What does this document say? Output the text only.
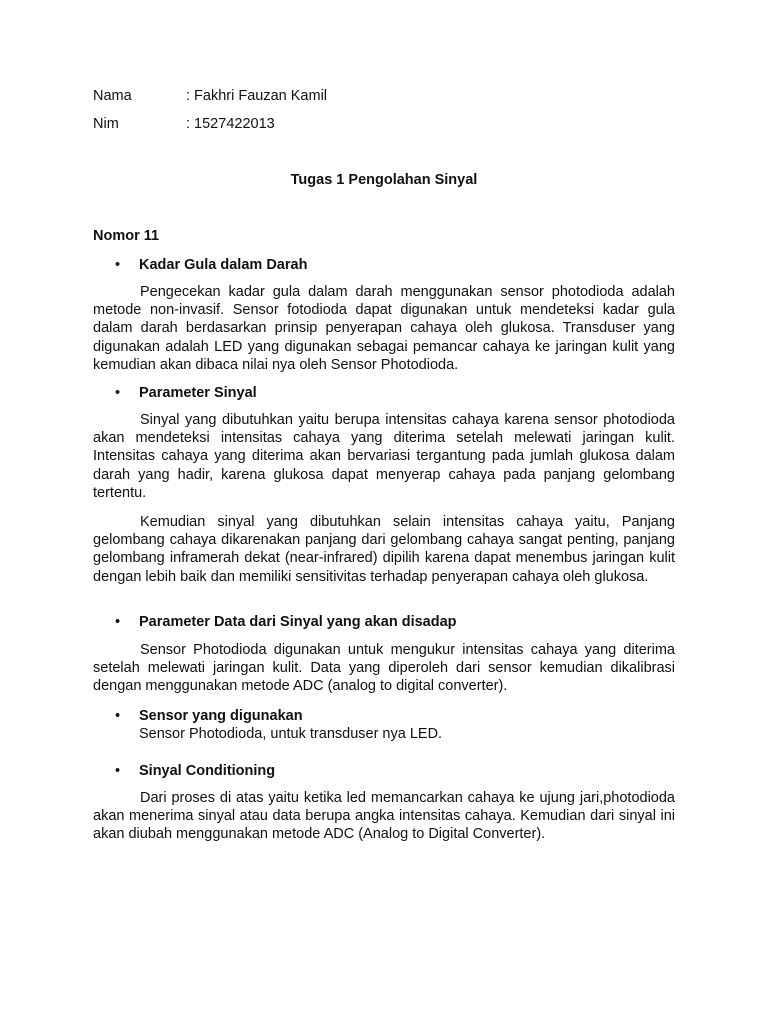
Nama	: Fakhri Fauzan Kamil
Nim	: 1527422013
Tugas 1 Pengolahan Sinyal
Nomor 11
• Kadar Gula dalam Darah

Pengecekan kadar gula dalam darah menggunakan sensor photodioda adalah metode non-invasif. Sensor fotodioda dapat digunakan untuk mendeteksi kadar gula dalam darah berdasarkan prinsip penyerapan cahaya oleh glukosa. Transduser yang digunakan adalah LED yang digunakan sebagai pemancar cahaya ke jaringan kulit yang kemudian akan dibaca nilai nya oleh Sensor Photodioda.

• Parameter Sinyal

Sinyal yang dibutuhkan yaitu berupa intensitas cahaya karena sensor photodioda akan mendeteksi intensitas cahaya yang diterima setelah melewati jaringan kulit. Intensitas cahaya yang diterima akan bervariasi tergantung pada jumlah glukosa dalam darah yang hadir, karena glukosa dapat menyerap cahaya pada panjang gelombang tertentu.

Kemudian sinyal yang dibutuhkan selain intensitas cahaya yaitu, Panjang gelombang cahaya dikarenakan panjang dari gelombang cahaya sangat penting, panjang gelombang inframerah dekat (near-infrared) dipilih karena dapat menembus jaringan kulit dengan lebih baik dan memiliki sensitivitas terhadap penyerapan cahaya oleh glukosa.

• Parameter Data dari Sinyal yang akan disadap

Sensor Photodioda digunakan untuk mengukur intensitas cahaya yang diterima setelah melewati jaringan kulit. Data yang diperoleh dari sensor kemudian dikalibrasi dengan menggunakan metode ADC (analog to digital converter).

• Sensor yang digunakan
Sensor Photodioda, untuk transduser nya LED.
• Sinyal Conditioning

Dari proses di atas yaitu ketika led memancarkan cahaya ke ujung jari,photodioda akan menerima sinyal atau data berupa angka intensitas cahaya. Kemudian dari sinyal ini akan diubah menggunakan metode ADC (Analog to Digital Converter).
